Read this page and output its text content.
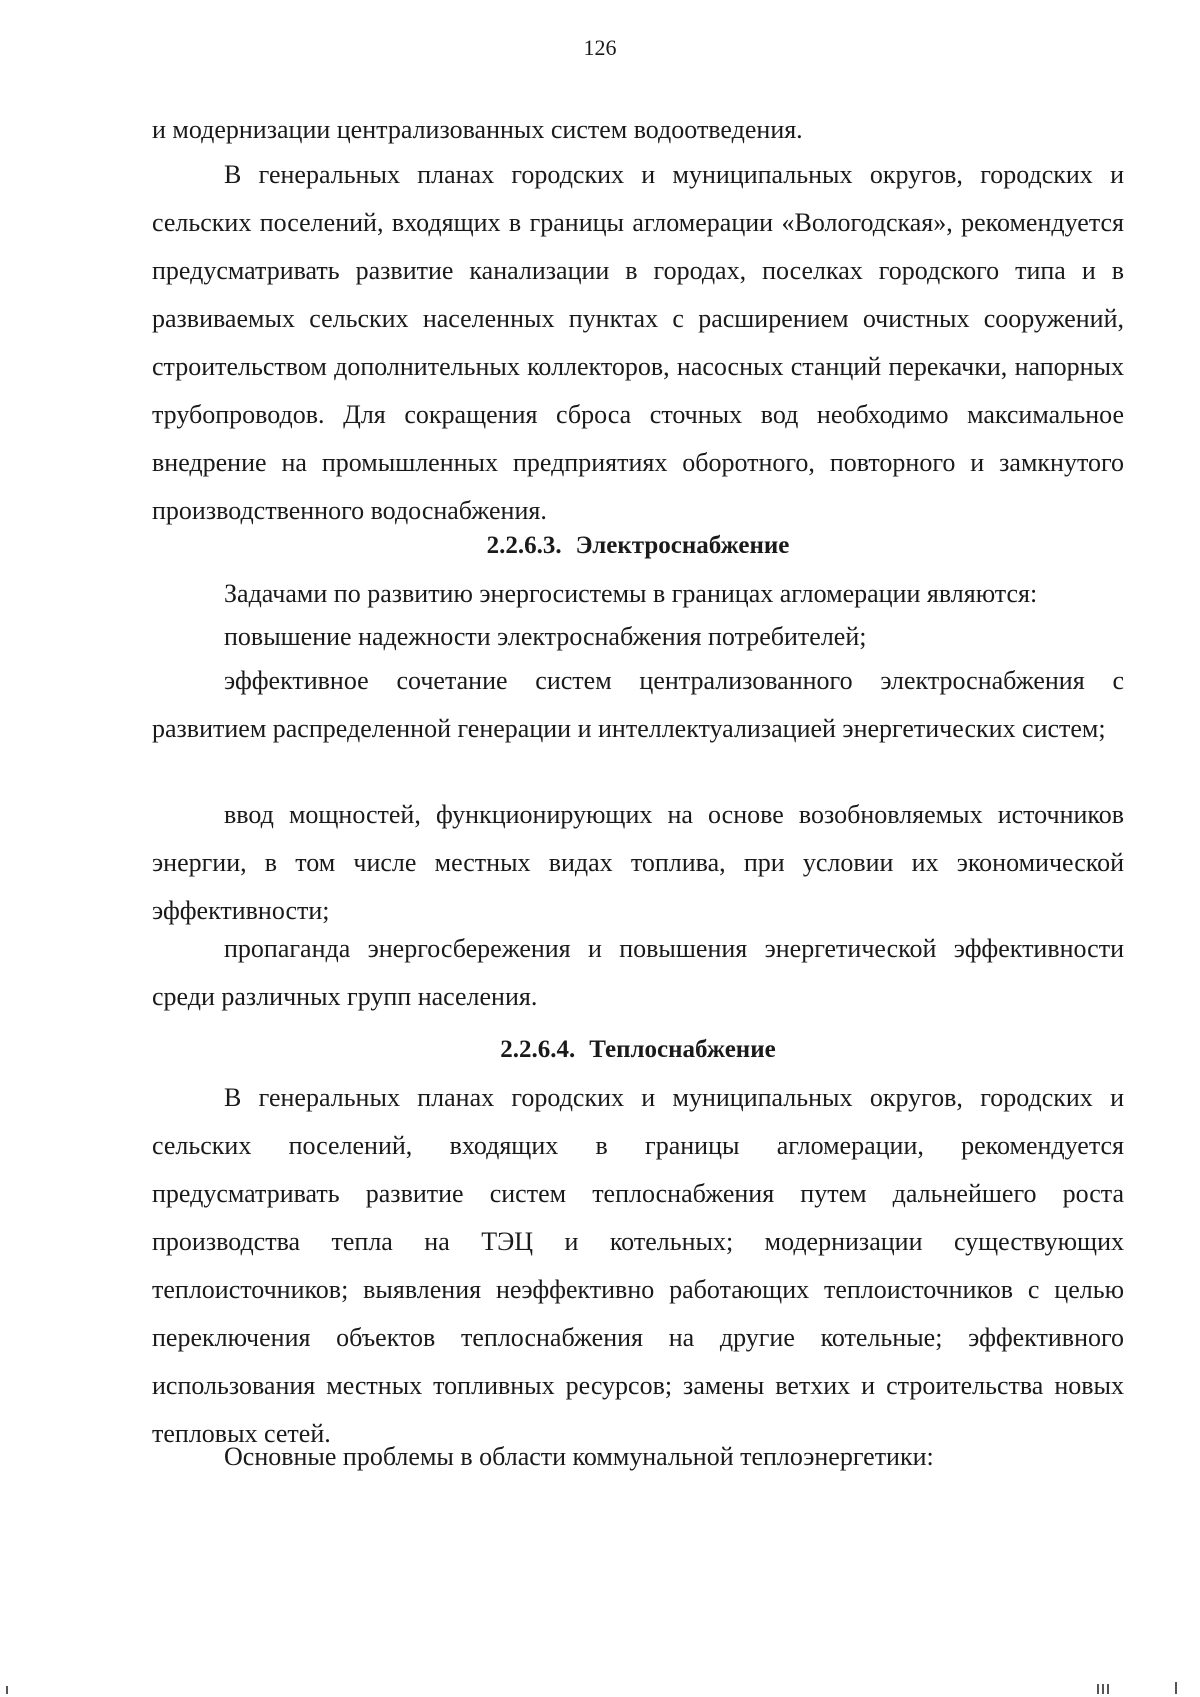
126

и модернизации централизованных систем водоотведения.

В генеральных планах городских и муниципальных округов, городских и сельских поселений, входящих в границы агломерации «Вологодская», рекомендуется предусматривать развитие канализации в городах, поселках городского типа и в развиваемых сельских населенных пунктах с расширением очистных сооружений, строительством дополнительных коллекторов, насосных станций перекачки, напорных трубопроводов. Для сокращения сброса сточных вод необходимо максимальное внедрение на промышленных предприятиях оборотного, повторного и замкнутого производственного водоснабжения.

2.2.6.3. Электроснабжение

Задачами по развитию энергосистемы в границах агломерации являются:

повышение надежности электроснабжения потребителей;

эффективное сочетание систем централизованного электроснабжения с развитием распределенной генерации и интеллектуализацией энергетических систем;

ввод мощностей, функционирующих на основе возобновляемых источников энергии, в том числе местных видах топлива, при условии их экономической эффективности;

пропаганда энергосбережения и повышения энергетической эффективности среди различных групп населения.

2.2.6.4. Теплоснабжение

В генеральных планах городских и муниципальных округов, городских и сельских поселений, входящих в границы агломерации, рекомендуется предусматривать развитие систем теплоснабжения путем дальнейшего роста производства тепла на ТЭЦ и котельных; модернизации существующих теплоисточников; выявления неэффективно работающих теплоисточников с целью переключения объектов теплоснабжения на другие котельные; эффективного использования местных топливных ресурсов; замены ветхих и строительства новых тепловых сетей.

Основные проблемы в области коммунальной теплоэнергетики:
